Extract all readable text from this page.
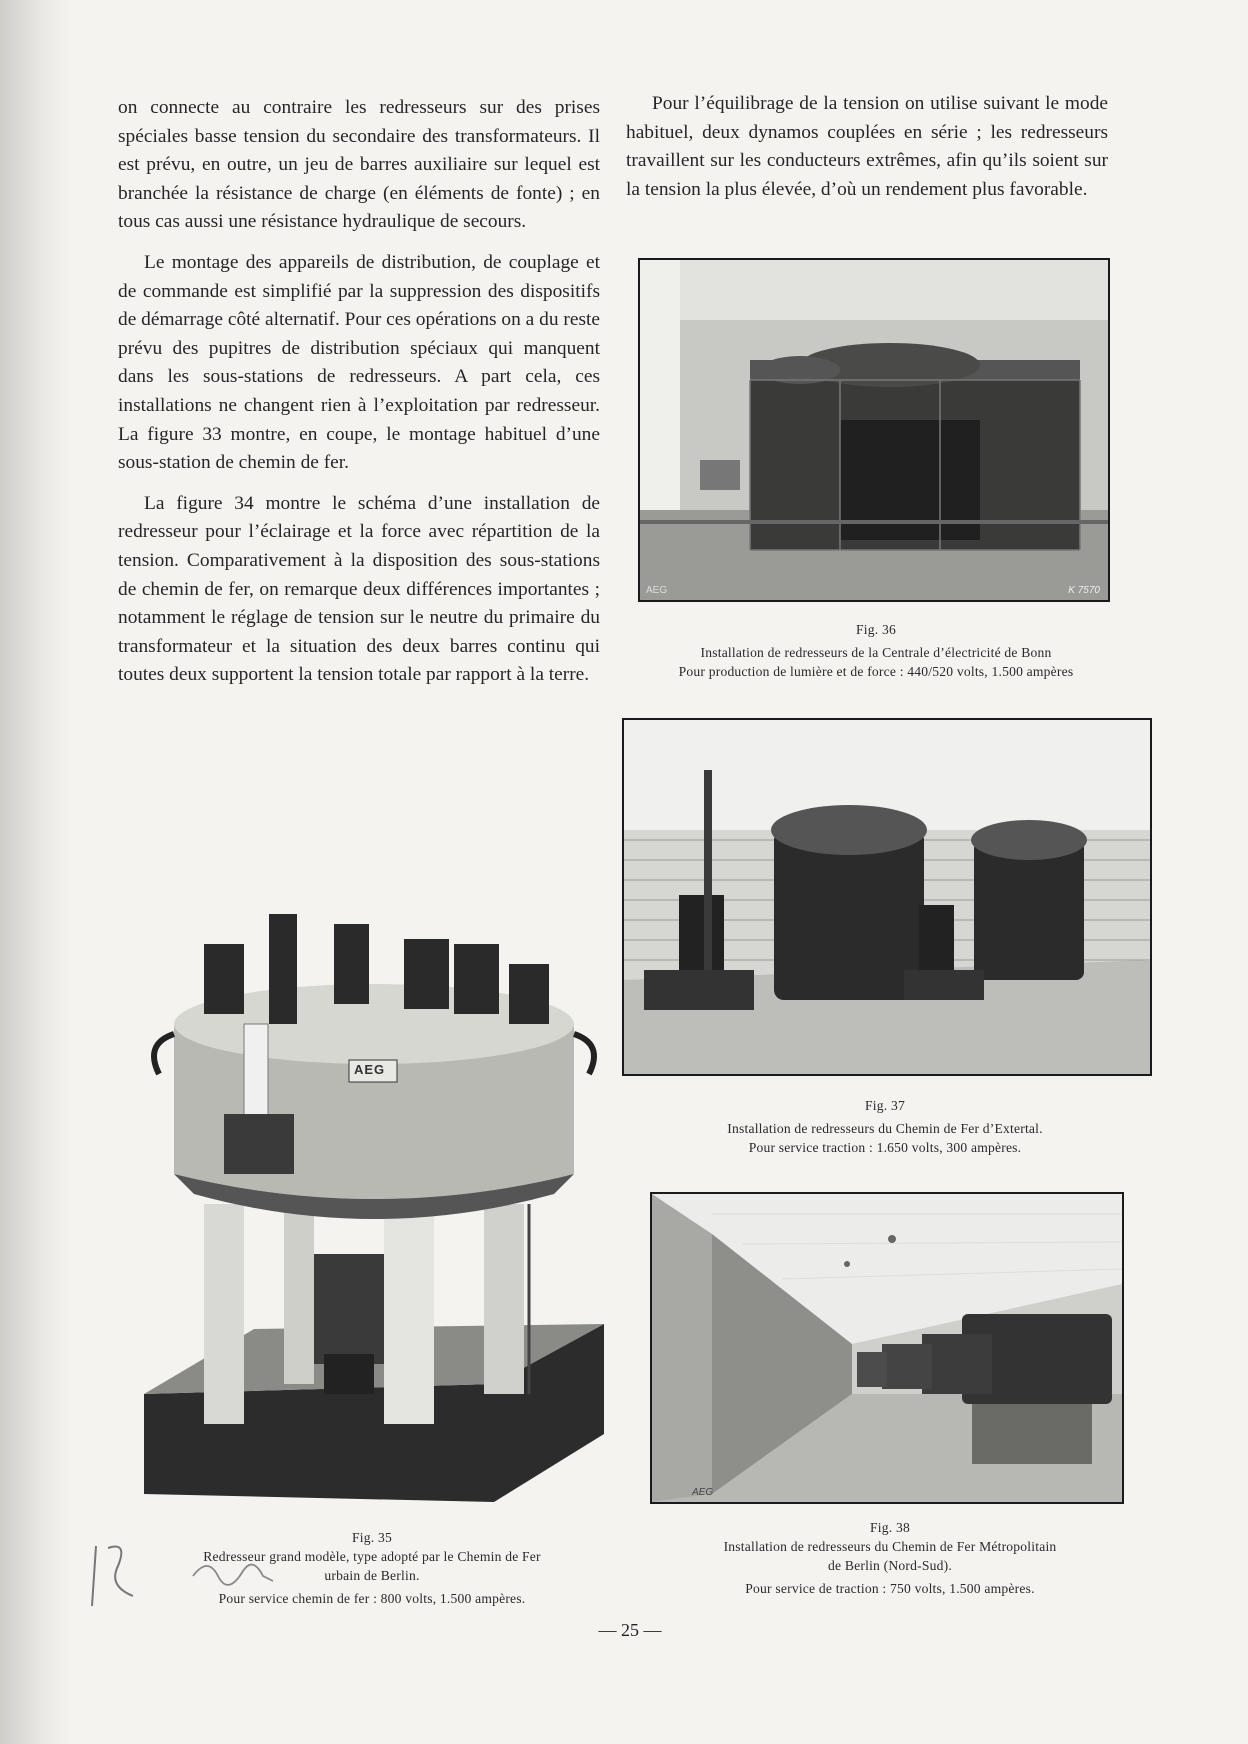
on connecte au contraire les redresseurs sur des prises spéciales basse tension du secondaire des transformateurs. Il est prévu, en outre, un jeu de barres auxiliaire sur lequel est branchée la résistance de charge (en éléments de fonte) ; en tous cas aussi une résistance hydraulique de secours.

Le montage des appareils de distribution, de couplage et de commande est simplifié par la suppression des dispositifs de démarrage côté alternatif. Pour ces opérations on a du reste prévu des pupitres de distribution spéciaux qui manquent dans les sous-stations de redresseurs. A part cela, ces installations ne changent rien à l’exploitation par redresseur. La figure 33 montre, en coupe, le montage habituel d’une sous-station de chemin de fer.

La figure 34 montre le schéma d’une installation de redresseur pour l’éclairage et la force avec répartition de la tension. Comparativement à la disposition des sous-stations de chemin de fer, on remarque deux différences importantes ; notamment le réglage de tension sur le neutre du primaire du transformateur et la situation des deux barres continu qui toutes deux supportent la tension totale par rapport à la terre.

Pour l’équilibrage de la tension on utilise suivant le mode habituel, deux dynamos couplées en série ; les redresseurs travaillent sur les conducteurs extrêmes, afin qu’ils soient sur la tension la plus élevée, d’où un rendement plus favorable.

AEG	K 7570
Fig. 36
Installation de redresseurs de la Centrale d’électricité de Bonn
Pour production de lumière et de force : 440/520 volts, 1.500 ampères
Fig. 37
Installation de redresseurs du Chemin de Fer d’Extertal.
Pour service traction : 1.650 volts, 300 ampères.
AEG
Fig. 38
Installation de redresseurs du Chemin de Fer Métropolitain
de Berlin (Nord-Sud).
Pour service de traction : 750 volts, 1.500 ampères.
AEG
Fig. 35
Redresseur grand modèle, type adopté par le Chemin de Fer
urbain de Berlin.
Pour service chemin de fer : 800 volts, 1.500 ampères.
— 25 —
